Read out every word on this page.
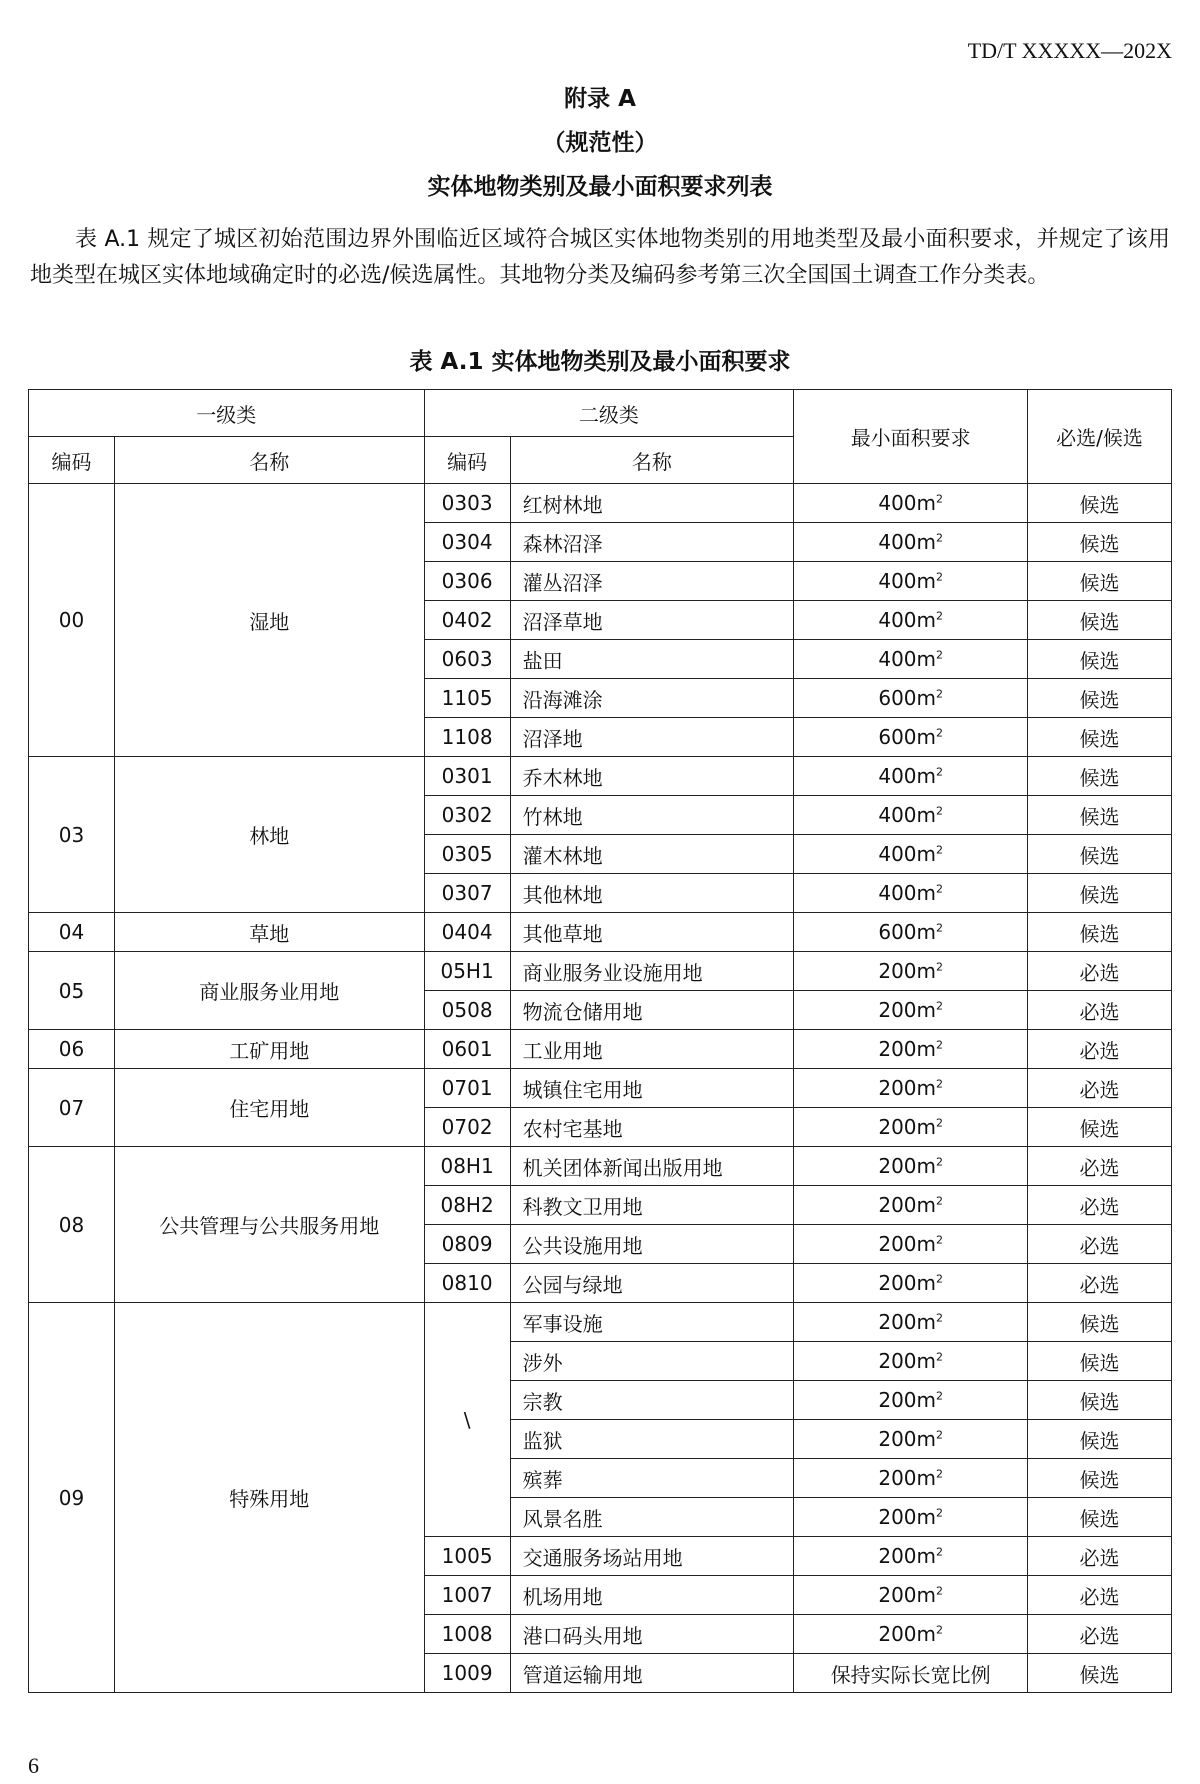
TD/T XXXXX—202X
附录 A
（规范性）
实体地物类别及最小面积要求列表

表 A.1 规定了城区初始范围边界外围临近区域符合城区实体地物类别的用地类型及最小面积要求，并规定了该用地类型在城区实体地域确定时的必选/候选属性。其地物分类及编码参考第三次全国国土调查工作分类表。

表 A.1 实体地物类别及最小面积要求
一级类		二级类		最小面积要求	必选/候选
编码	名称	编码	名称		
00	湿地	0303	红树林地	$400m^2$	候选
		0304	森林沼泽	$400m^2$	候选
		0306	灌丛沼泽	$400m^2$	候选
		0402	沼泽草地	$400m^2$	候选
		0603	盐田	$400m^2$	候选
		1105	沿海滩涂	$600m^2$	候选
		1108	沼泽地	$600m^2$	候选
03	林地	0301	乔木林地	$400m^2$	候选
		0302	竹林地	$400m^2$	候选
		0305	灌木林地	$400m^2$	候选
		0307	其他林地	$400m^2$	候选
04	草地	0404	其他草地	$600m^2$	候选
05	商业服务业用地	05H1	商业服务业设施用地	$200m^2$	必选
		0508	物流仓储用地	$200m^2$	必选
06	工矿用地	0601	工业用地	$200m^2$	必选
07	住宅用地	0701	城镇住宅用地	$200m^2$	必选
		0702	农村宅基地	$200m^2$	候选
08	公共管理与公共服务用地	08H1	机关团体新闻出版用地	$200m^2$	必选
		08H2	科教文卫用地	$200m^2$	必选
		0809	公共设施用地	$200m^2$	必选
		0810	公园与绿地	$200m^2$	必选
09	特殊用地	\	军事设施	$200m^2$	候选
			涉外	$200m^2$	候选
			宗教	$200m^2$	候选
			监狱	$200m^2$	候选
			殡葬	$200m^2$	候选
			风景名胜	$200m^2$	候选
		1005	交通服务场站用地	$200m^2$	必选
		1007	机场用地	$200m^2$	必选
		1008	港口码头用地	$200m^2$	必选
		1009	管道运输用地	保持实际长宽比例	候选
6
